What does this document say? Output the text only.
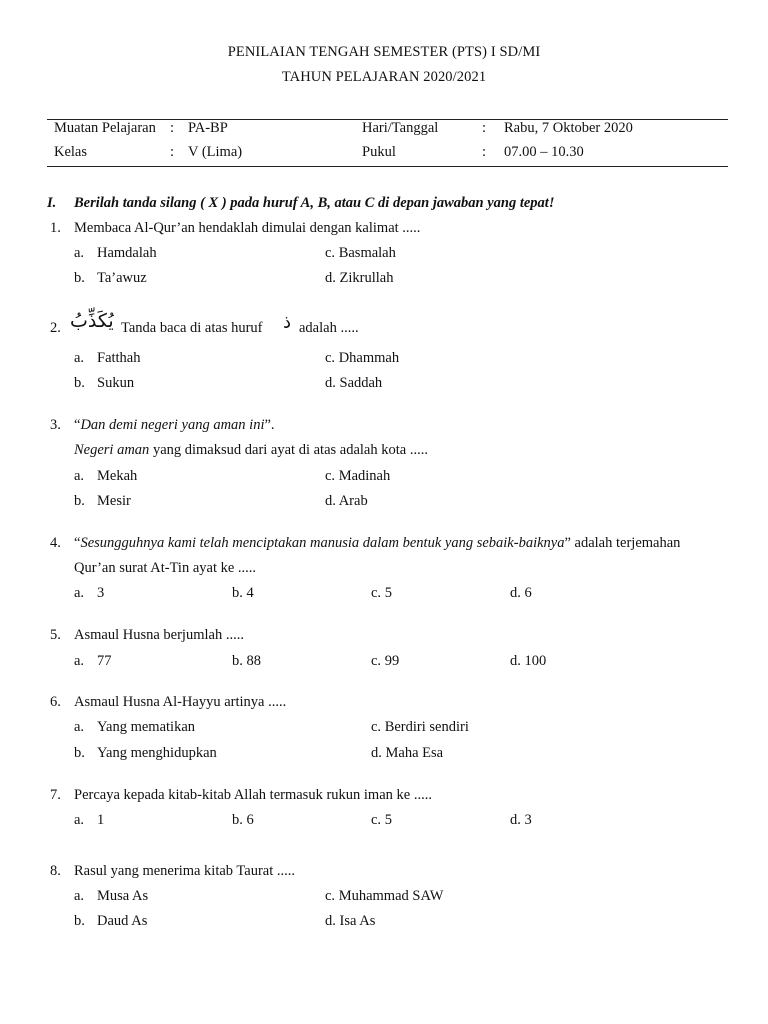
PENILAIAN TENGAH SEMESTER (PTS) I SD/MI
TAHUN PELAJARAN 2020/2021
Muatan Pelajaran : PA-BP	Hari/Tanggal	: Rabu, 7 Oktober 2020
Kelas	: V (Lima)	Pukul	: 07.00 – 10.30
I. Berilah tanda silang ( X ) pada huruf A, B, atau C di depan jawaban yang tepat!
1. Membaca Al-Qur’an hendaklah dimulai dengan kalimat .....
a. Hamdalah	c. Basmalah
b. Ta’awuz	d. Zikrullah
2. يُكَذِّبُ Tanda baca di atas huruf ذ adalah .....
a. Fatthah	c. Dhammah
b. Sukun	d. Saddah
3. “Dan demi negeri yang aman ini”.
Negeri aman yang dimaksud dari ayat di atas adalah kota .....
a. Mekah	c. Madinah
b. Mesir	d. Arab
4. “Sesungguhnya kami telah menciptakan manusia dalam bentuk yang sebaik-baiknya” adalah terjemahan
Qur’an surat At-Tin ayat ke .....
a. 3	b. 4	c. 5	d. 6
5. Asmaul Husna berjumlah .....
a. 77	b. 88	c. 99	d. 100
6. Asmaul Husna Al-Hayyu artinya .....
a. Yang mematikan	c. Berdiri sendiri
b. Yang menghidupkan	d. Maha Esa
7. Percaya kepada kitab-kitab Allah termasuk rukun iman ke .....
a. 1	b. 6	c. 5	d. 3
8. Rasul yang menerima kitab Taurat .....
a. Musa As	c. Muhammad SAW
b. Daud As	d. Isa As
